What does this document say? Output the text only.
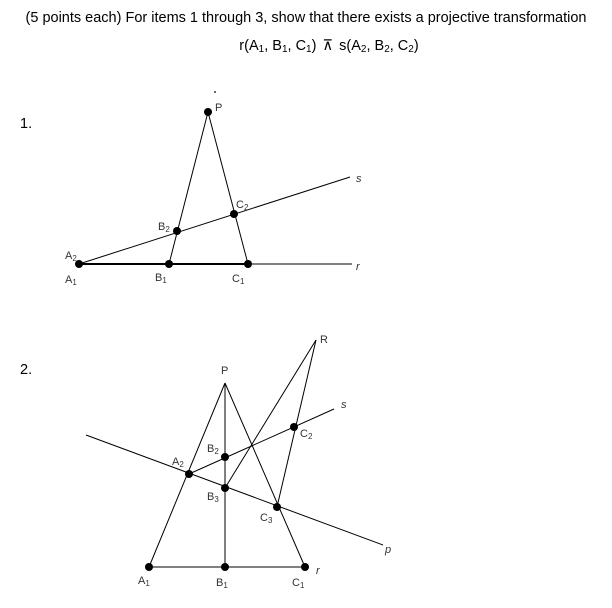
(5 points each) For items 1 through 3, show that there exists a projective transformation
$r(A_1$, $B_1$, $C_1$) ⊼ $s(A_2$, $B_2$, $C_2$)
1.
2.
P
C2
s
B2
A2
r
A1	B1	C1
R
P
s
C2
B2
A2
B3
C3
p
r
A1	B1	C1
